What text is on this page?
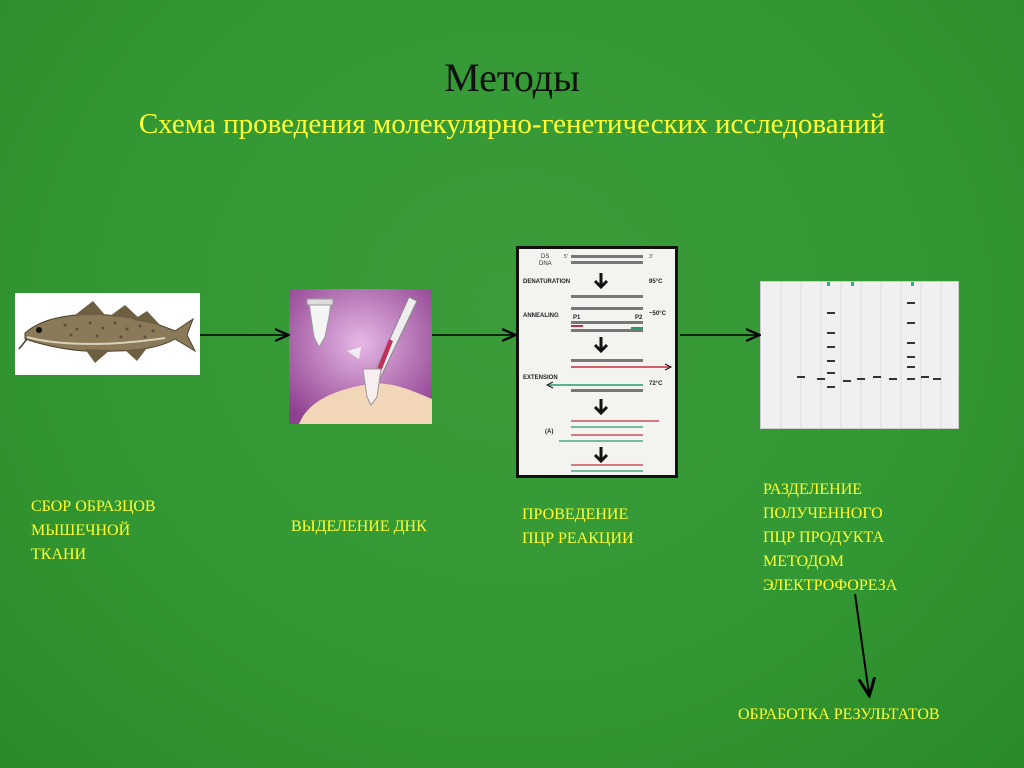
Методы
Схема проведения молекулярно-генетических исследований
DS
DNA
5'	3'
DENATURATION	95°C
ANNEALING P1	P2
~50°C
EXTENSION
72°C
(A)
СБОР ОБРАЗЦОВ
МЫШЕЧНОЙ
ТКАНИ
ВЫДЕЛЕНИЕ ДНК
ПРОВЕДЕНИЕ
ПЦР РЕАКЦИИ
РАЗДЕЛЕНИЕ
ПОЛУЧЕННОГО
ПЦР ПРОДУКТА
МЕТОДОМ
ЭЛЕКТРОФОРЕЗА
ОБРАБОТКА РЕЗУЛЬТАТОВ
